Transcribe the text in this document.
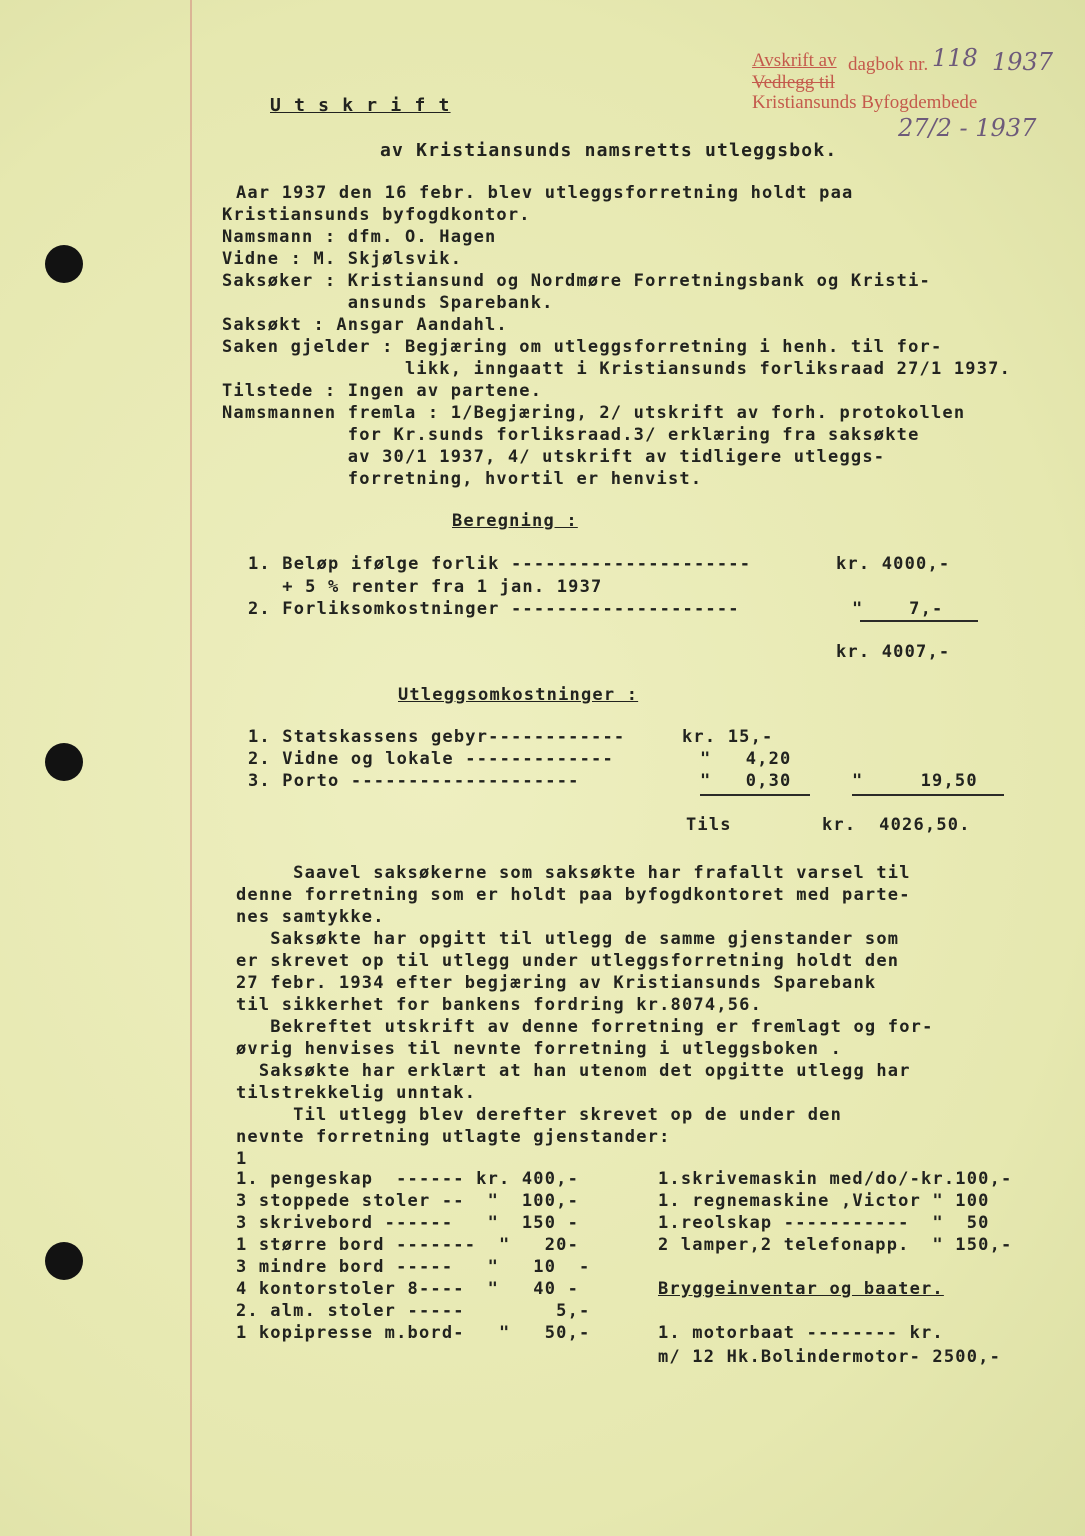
Avskrift av dagbok nr. 118 1937
Vedlegg til
Kristiansunds Byfogdembede
27/2 - 1937
U t s k r i f t
av Kristiansunds namsretts utleggsbok.
Aar 1937 den 16 febr. blev utleggsforretning holdt paa
Kristiansunds byfogdkontor.
Namsmann : dfm. O. Hagen
Vidne : M. Skjølsvik.
Saksøker : Kristiansund og Nordmøre Forretningsbank og Kristi-
ansunds Sparebank.
Saksøkt : Ansgar Aandahl.
Saken gjelder : Begjæring om utleggsforretning i henh. til for-
likk, inngaatt i Kristiansunds forliksraad 27/1 1937.
Tilstede : Ingen av partene.
Namsmannen fremla : 1/Begjæring, 2/ utskrift av forh. protokollen
for Kr.sunds forliksraad.3/ erklæring fra saksøkte
av 30/1 1937, 4/ utskrift av tidligere utleggs-
forretning, hvortil er henvist.
Beregning :
1. Beløp ifølge forlik ---------------------	kr. 4000,-
+ 5 % renter fra 1 jan. 1937
2. Forliksomkostninger --------------------	"    7,-
kr. 4007,-
Utleggsomkostninger :
1. Statskassens gebyr------------	kr. 15,-
2. Vidne og lokale -------------	"   4,20
3. Porto --------------------	"   0,30	"     19,50
Tils	kr.  4026,50.
Saavel saksøkerne som saksøkte har frafallt varsel til
denne forretning som er holdt paa byfogdkontoret med parte-
nes samtykke.
Saksøkte har opgitt til utlegg de samme gjenstander som
er skrevet op til utlegg under utleggsforretning holdt den
27 febr. 1934 efter begjæring av Kristiansunds Sparebank
til sikkerhet for bankens fordring kr.8074,56.
Bekreftet utskrift av denne forretning er fremlagt og for-
øvrig henvises til nevnte forretning i utleggsboken .
Saksøkte har erklært at han utenom det opgitte utlegg har
tilstrekkelig unntak.
Til utlegg blev derefter skrevet op de under den
nevnte forretning utlagte gjenstander:
1
1. pengeskap  ------ kr. 400,-
3 stoppede stoler --  "  100,-
3 skrivebord ------   "  150 -
1 større bord -------  "   20-
3 mindre bord -----   "   10  -
4 kontorstoler 8----  "   40 -
2. alm. stoler -----        5,-
1 kopipresse m.bord-   "   50,-
1.skrivemaskin med/do/-kr.100,-
1. regnemaskine ,Victor " 100
1.reolskap -----------  "  50
2 lamper,2 telefonapp.  " 150,-
Bryggeinventar og baater.
1. motorbaat -------- kr.
m/ 12 Hk.Bolindermotor- 2500,-
